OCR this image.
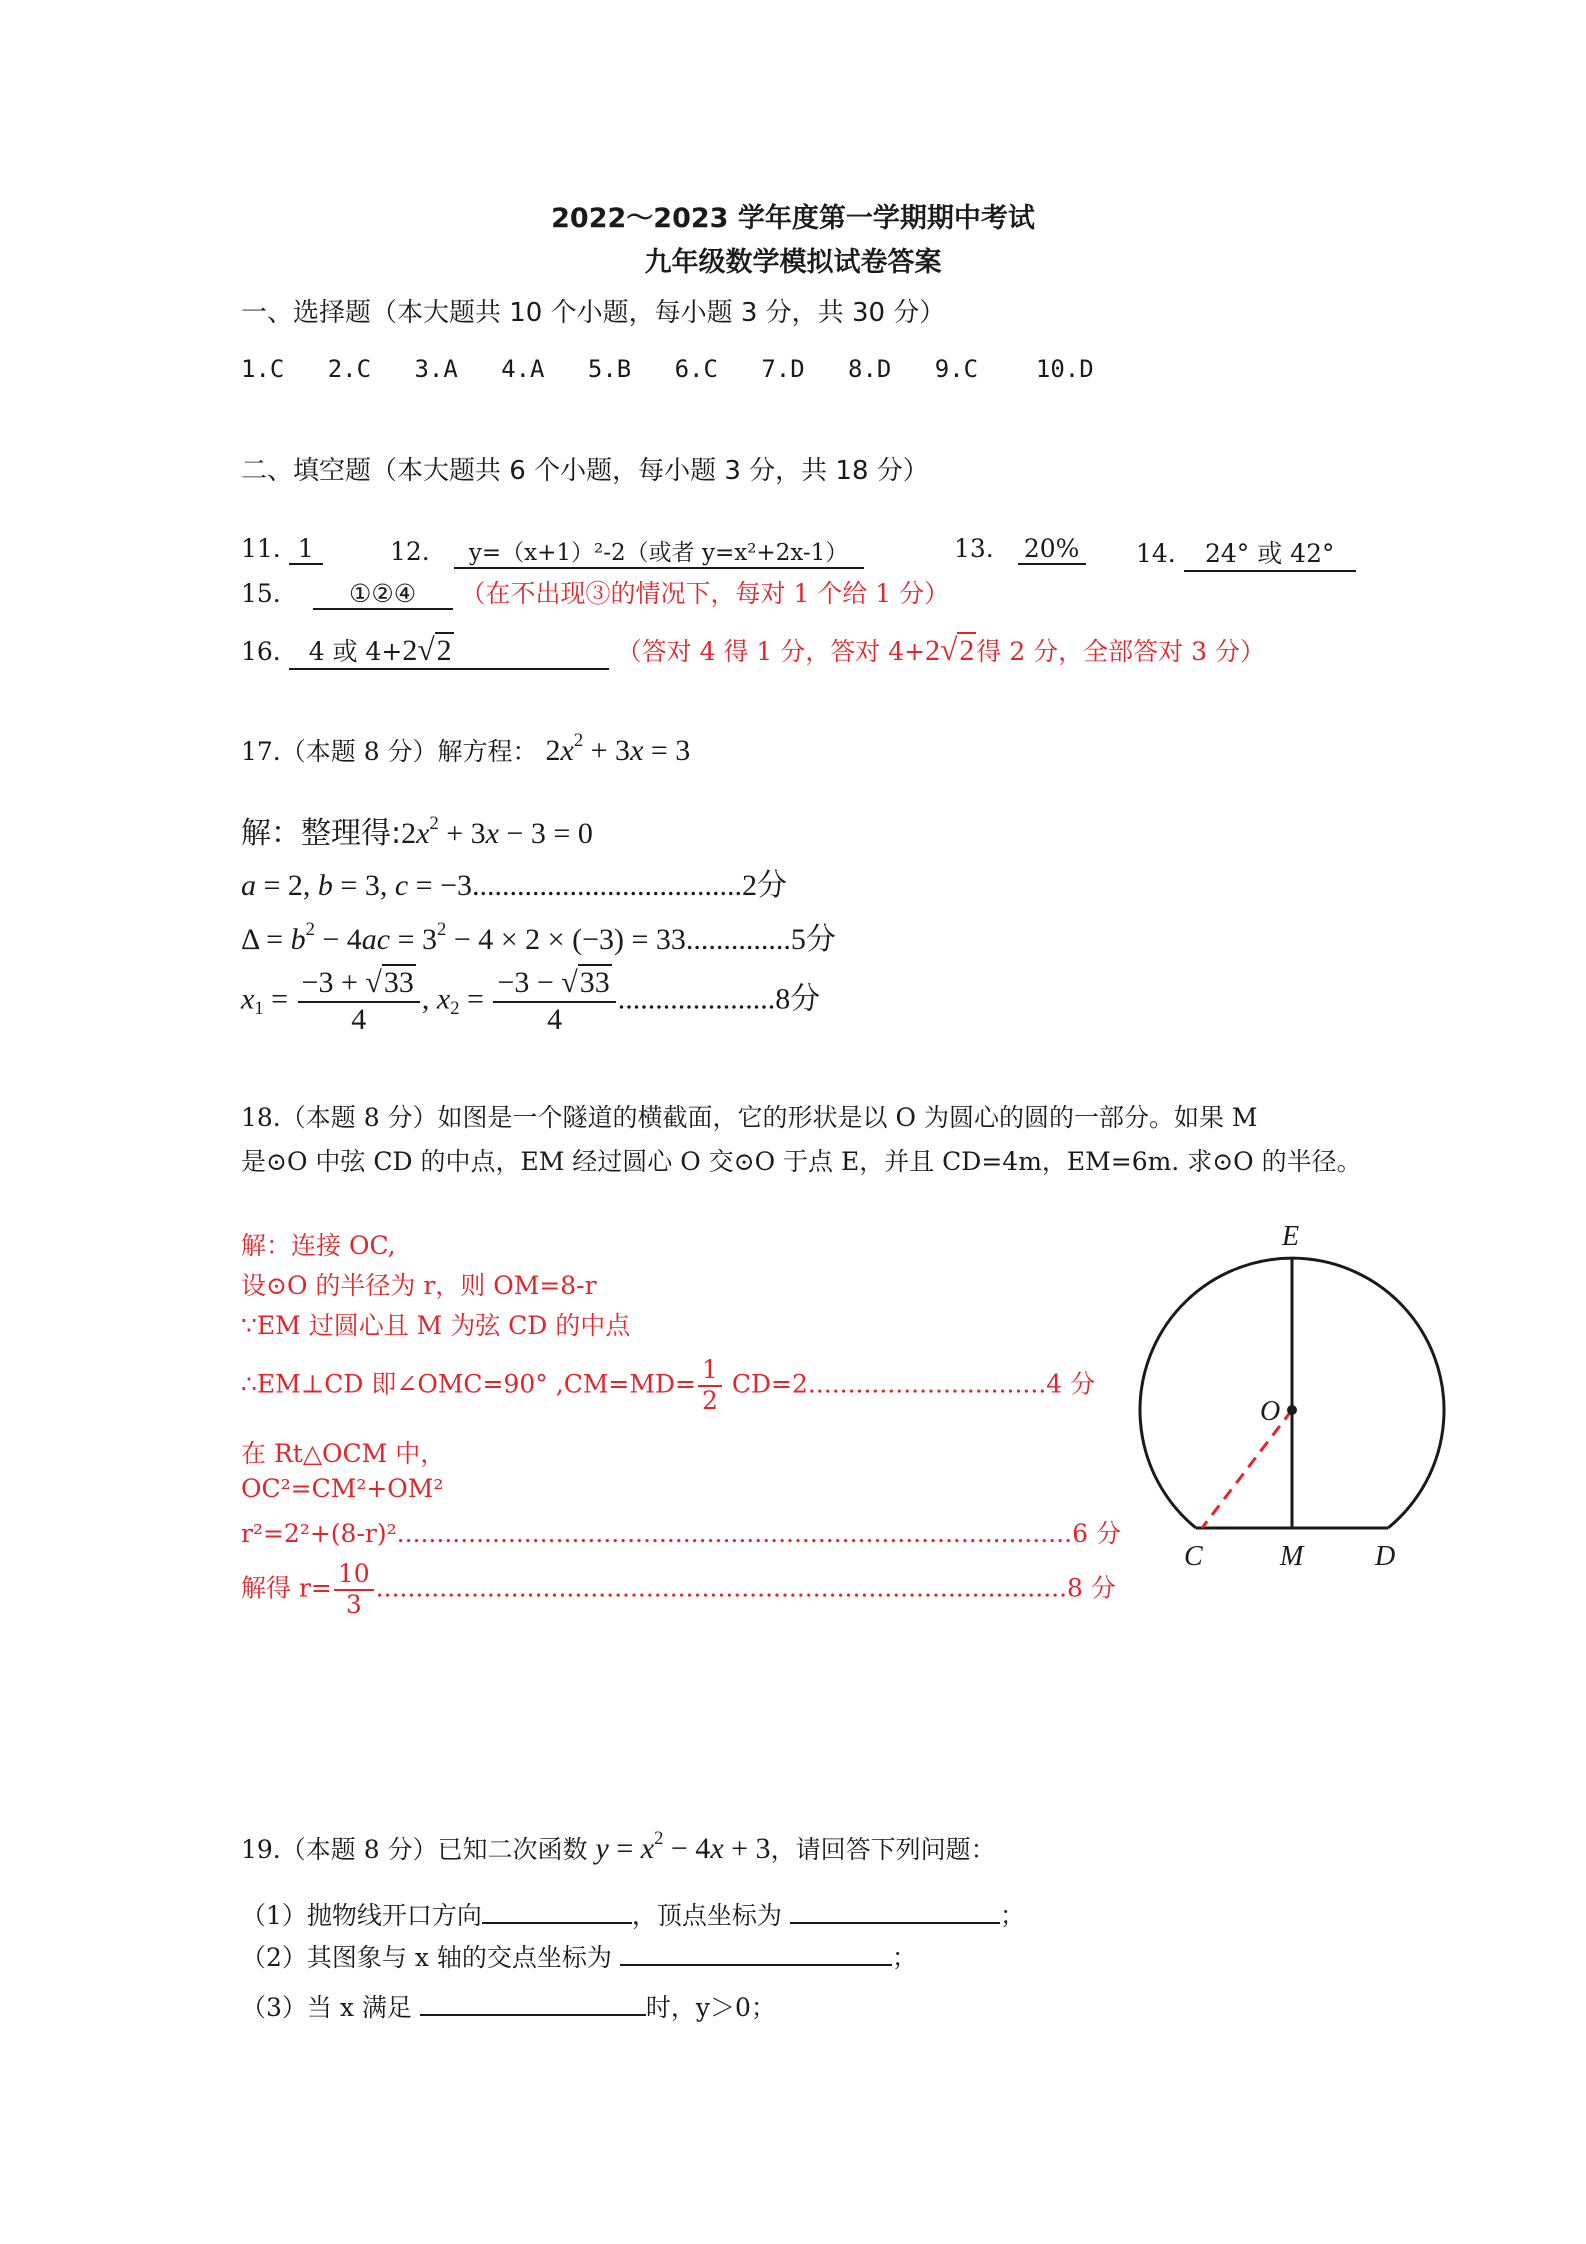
2022～2023 学年度第一学期期中考试
九年级数学模拟试卷答案
一、选择题（本大题共 10 个小题，每小题 3 分，共 30 分）
1.C 2.C 3.A 4.A 5.B 6.C 7.D 8.D 9.C 10.D
二、填空题（本大题共 6 个小题，每小题 3 分，共 18 分）
11. 1	12. y=（x+1）²-2（或者 y=x²+2x-1）	13. 20% 14. 24° 或 42°
15.	①②④ （在不出现③的情况下，每对 1 个给 1 分）
16. 4 或 4+2√2	（答对 4 得 1 分，答对 4+2√2得 2 分，全部答对 3 分）
17.（本题 8 分）解方程： $2x^2 + 3x = 3$
解：整理得$:2x^2 + 3x - 3 = 0$
a = 2, b = 3, c = −3....................................2分
$\Delta = b^2 - 4ac = 3^2 - 4 \times 2 \times (-3) = 33..............5$分
$x_1 = \frac{-3 + √33}{4}$ , $x_2 = \frac{-3 - √33}{4} .....................8$分
18.（本题 8 分）如图是一个隧道的横截面，它的形状是以 O 为圆心的圆的一部分。如果 M
是⊙O 中弦 CD 的中点，EM 经过圆心 O 交⊙O 于点 E，并且 CD=4m，EM=6m. 求⊙O 的半径。
解：连接 OC,
设⊙O 的半径为 r，则 OM=8-r
∵EM 过圆心且 M 为弦 CD 的中点
∴EM⊥CD 即∠OMC=90° $,CM=MD= \frac{1}{2} CD=2..............................4$ 分
在 Rt△OCM 中，
OC²=CM²+OM²
r²=2²+(8-r)².....................................................................................6 分
解得 $r= \frac{10}{3} .......................................................................................8$ 分
E
O
C	M	D
19.（本题 8 分）已知二次函数 $y = x^2 - 4x + 3$，请回答下列问题：
（1）抛物线开口方向	，顶点坐标为	；
（2）其图象与 x 轴的交点坐标为	；
（3）当 x 满足	时，y＞0；
